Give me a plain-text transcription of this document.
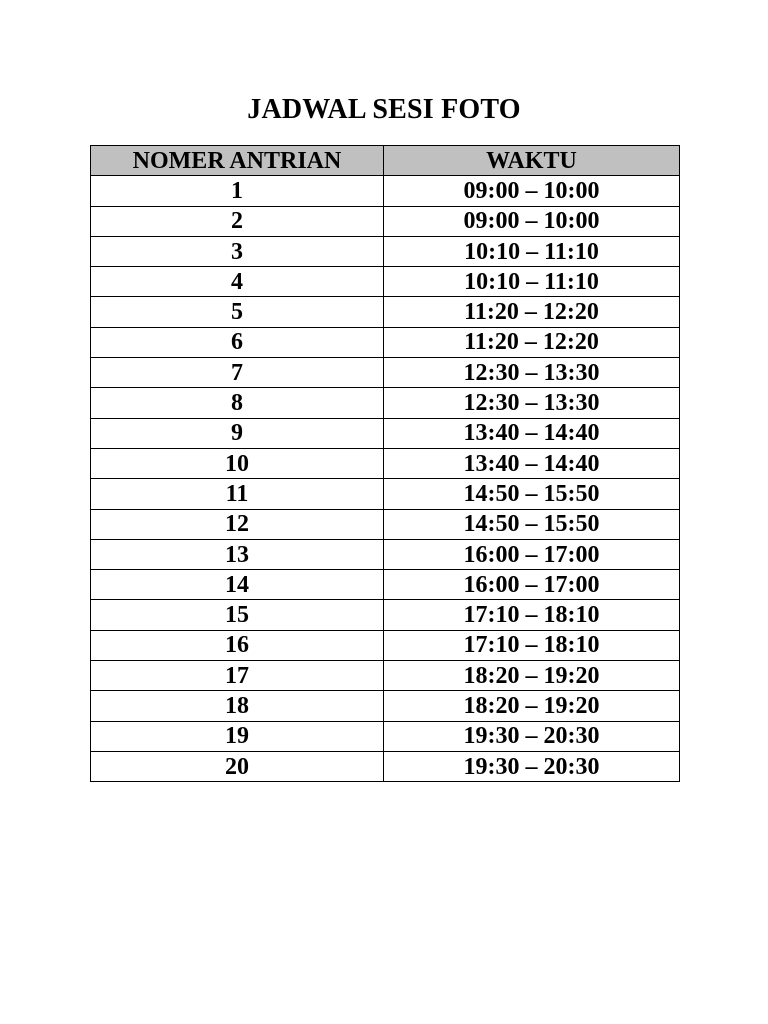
JADWAL SESI FOTO
NOMER ANTRIAN	WAKTU
1	09:00 – 10:00
2	09:00 – 10:00
3	10:10 – 11:10
4	10:10 – 11:10
5	11:20 – 12:20
6	11:20 – 12:20
7	12:30 – 13:30
8	12:30 – 13:30
9	13:40 – 14:40
10	13:40 – 14:40
11	14:50 – 15:50
12	14:50 – 15:50
13	16:00 – 17:00
14	16:00 – 17:00
15	17:10 – 18:10
16	17:10 – 18:10
17	18:20 – 19:20
18	18:20 – 19:20
19	19:30 – 20:30
20	19:30 – 20:30
